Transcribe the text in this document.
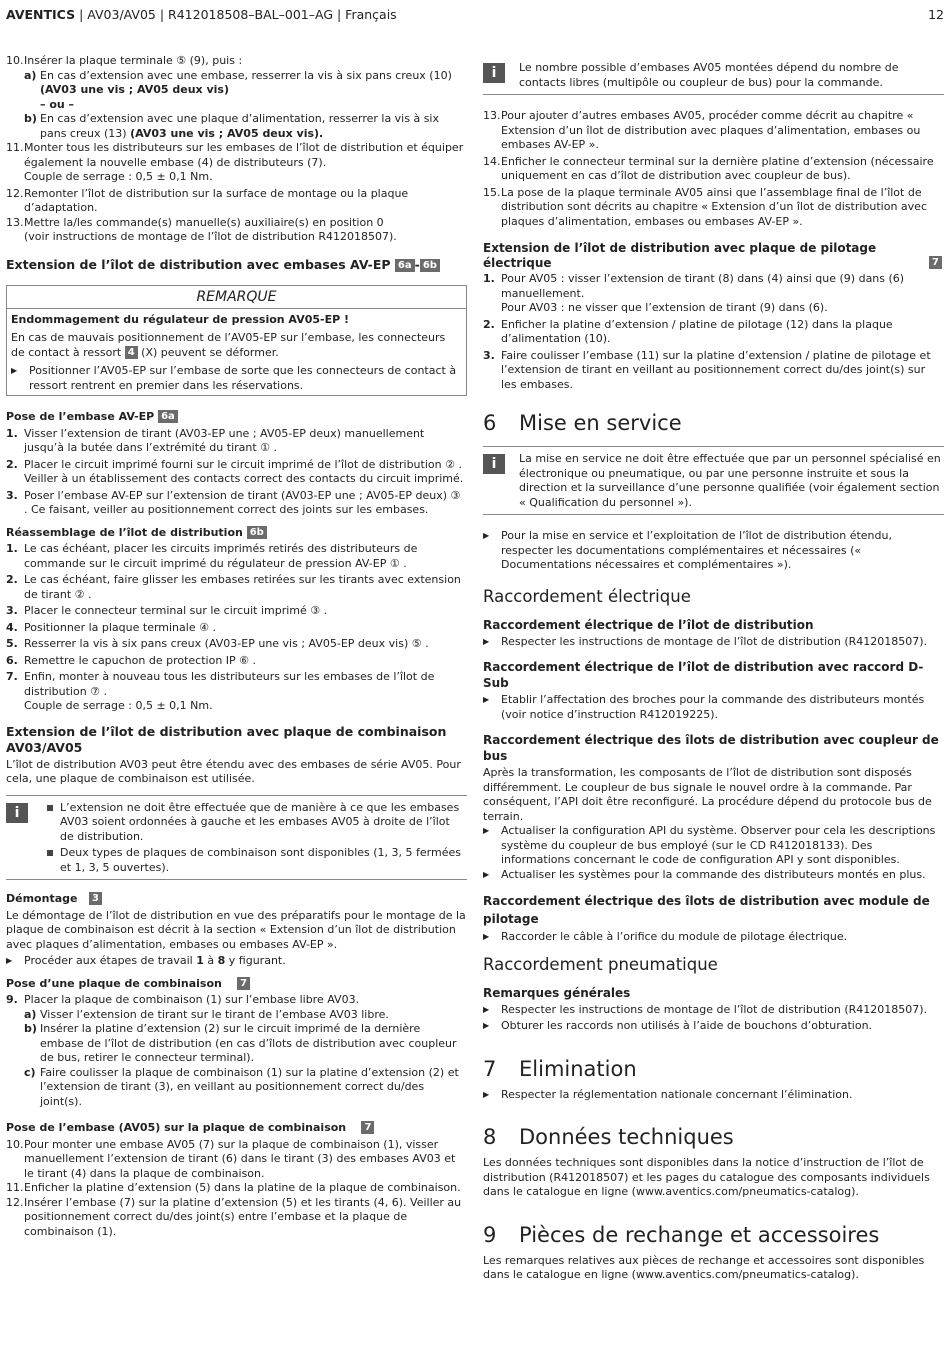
AVENTICS | AV03/AV05 | R412018508–BAL–001–AG | Français	12
10. Insérer la plaque terminale ⑤ (9), puis :
a) En cas d’extension avec une embase, resserrer la vis à six pans creux (10) (AV03 une vis ; AV05 deux vis)
– ou –
b) En cas d’extension avec une plaque d’alimentation, resserrer la vis à six pans creux (13) (AV03 une vis ; AV05 deux vis).
11. Monter tous les distributeurs sur les embases de l’îlot de distribution et équiper également la nouvelle embase (4) de distributeurs (7).
Couple de serrage : 0,5 ± 0,1 Nm.
12. Remonter l’îlot de distribution sur la surface de montage ou la plaque d’adaptation.
13. Mettre la/les commande(s) manuelle(s) auxiliaire(s) en position 0
(voir instructions de montage de l’îlot de distribution R412018507).
Extension de l’îlot de distribution avec embases AV-EP 6a - 6b
REMARQUE
Endommagement du régulateur de pression AV05-EP !

En cas de mauvais positionnement de l’AV05-EP sur l’embase, les connecteurs de contact à ressort 4 (X) peuvent se déformer.

▶	Positionner l’AV05-EP sur l’embase de sorte que les connecteurs de contact à ressort rentrent en premier dans les réservations.
Pose de l’embase AV-EP 6a
1. Visser l’extension de tirant (AV03-EP une ; AV05-EP deux) manuellement jusqu’à la butée dans l’extrémité du tirant ① .
2. Placer le circuit imprimé fourni sur le circuit imprimé de l’îlot de distribution ② . Veiller à un établissement des contacts correct des contacts du circuit imprimé.
3. Poser l’embase AV-EP sur l’extension de tirant (AV03-EP une ; AV05-EP deux) ③ . Ce faisant, veiller au positionnement correct des joints sur les embases.
Réassemblage de l’îlot de distribution 6b
1. Le cas échéant, placer les circuits imprimés retirés des distributeurs de commande sur le circuit imprimé du régulateur de pression AV-EP ① .
2. Le cas échéant, faire glisser les embases retirées sur les tirants avec extension de tirant ② .
3. Placer le connecteur terminal sur le circuit imprimé ③ .
4. Positionner la plaque terminale ④ .
5. Resserrer la vis à six pans creux (AV03-EP une vis ; AV05-EP deux vis) ⑤ .
6. Remettre le capuchon de protection IP ⑥ .
7. Enfin, monter à nouveau tous les distributeurs sur les embases de l’îlot de distribution ⑦ .
Couple de serrage : 0,5 ± 0,1 Nm.
Extension de l’îlot de distribution avec plaque de combinaison AV03/AV05

L’îlot de distribution AV03 peut être étendu avec des embases de série AV05. Pour cela, une plaque de combinaison est utilisée.

i	L’extension ne doit être effectuée que de manière à ce que les embases AV03 soient ordonnées à gauche et les embases AV05 à droite de l’îlot de distribution.
Deux types de plaques de combinaison sont disponibles (1, 3, 5 fermées et 1, 3, 5 ouvertes).
Démontage 3

Le démontage de l’îlot de distribution en vue des préparatifs pour le montage de la plaque de combinaison est décrit à la section « Extension d’un îlot de distribution avec plaques d’alimentation, embases ou embases AV-EP ».

▶	Procéder aux étapes de travail 1 à 8 y figurant.
Pose d’une plaque de combinaison 7
9. Placer la plaque de combinaison (1) sur l’embase libre AV03.
a) Visser l’extension de tirant sur le tirant de l’embase AV03 libre.
b) Insérer la platine d’extension (2) sur le circuit imprimé de la dernière embase de l’îlot de distribution (en cas d’îlots de distribution avec coupleur de bus, retirer le connecteur terminal).
c) Faire coulisser la plaque de combinaison (1) sur la platine d’extension (2) et l’extension de tirant (3), en veillant au positionnement correct du/des joint(s).
Pose de l’embase (AV05) sur la plaque de combinaison 7
10. Pour monter une embase AV05 (7) sur la plaque de combinaison (1), visser manuellement l’extension de tirant (6) dans le tirant (3) des embases AV03 et le tirant (4) dans la plaque de combinaison.
11. Enficher la platine d’extension (5) dans la platine de la plaque de combinaison.
12. Insérer l’embase (7) sur la platine d’extension (5) et les tirants (4, 6). Veiller au positionnement correct du/des joint(s) entre l’embase et la plaque de combinaison (1).
i	Le nombre possible d’embases AV05 montées dépend du nombre de contacts libres (multipôle ou coupleur de bus) pour la commande.
13. Pour ajouter d’autres embases AV05, procéder comme décrit au chapitre « Extension d’un îlot de distribution avec plaques d’alimentation, embases ou embases AV-EP ».
14. Enficher le connecteur terminal sur la dernière platine d’extension (nécessaire uniquement en cas d’îlot de distribution avec coupleur de bus).
15. La pose de la plaque terminale AV05 ainsi que l’assemblage final de l’îlot de distribution sont décrits au chapitre « Extension d’un îlot de distribution avec plaques d’alimentation, embases ou embases AV-EP ».
Extension de l’îlot de distribution avec plaque de pilotage électrique	7
1. Pour AV05 : visser l’extension de tirant (8) dans (4) ainsi que (9) dans (6) manuellement.
Pour AV03 : ne visser que l’extension de tirant (9) dans (6).
2. Enficher la platine d’extension / platine de pilotage (12) dans la plaque d’alimentation (10).
3. Faire coulisser l’embase (11) sur la platine d’extension / platine de pilotage et l’extension de tirant en veillant au positionnement correct du/des joint(s) sur les embases.
6	Mise en service
i	La mise en service ne doit être effectuée que par un personnel spécialisé en électronique ou pneumatique, ou par une personne instruite et sous la direction et la surveillance d’une personne qualifiée (voir également section « Qualification du personnel »).
▶	Pour la mise en service et l’exploitation de l’îlot de distribution étendu, respecter les documentations complémentaires et nécessaires (« Documentations nécessaires et complémentaires »).
Raccordement électrique
Raccordement électrique de l’îlot de distribution
▶	Respecter les instructions de montage de l’îlot de distribution (R412018507).
Raccordement électrique de l’îlot de distribution avec raccord D-Sub
▶	Etablir l’affectation des broches pour la commande des distributeurs montés (voir notice d’instruction R412019225).
Raccordement électrique des îlots de distribution avec coupleur de bus

Après la transformation, les composants de l’îlot de distribution sont disposés différemment. Le coupleur de bus signale le nouvel ordre à la commande. Par conséquent, l’API doit être reconfiguré. La procédure dépend du protocole bus de terrain.

▶	Actualiser la configuration API du système. Observer pour cela les descriptions système du coupleur de bus employé (sur le CD R412018133). Des informations concernant le code de configuration API y sont disponibles.
▶	Actualiser les systèmes pour la commande des distributeurs montés en plus.
Raccordement électrique des îlots de distribution avec module de pilotage
▶	Raccorder le câble à l’orifice du module de pilotage électrique.
Raccordement pneumatique
Remarques générales
▶	Respecter les instructions de montage de l’îlot de distribution (R412018507).
▶	Obturer les raccords non utilisés à l’aide de bouchons d’obturation.
7	Elimination
▶	Respecter la réglementation nationale concernant l’élimination.
8	Données techniques

Les données techniques sont disponibles dans la notice d’instruction de l’îlot de distribution (R412018507) et les pages du catalogue des composants individuels dans le catalogue en ligne (www.aventics.com/pneumatics-catalog).

9	Pièces de rechange et accessoires

Les remarques relatives aux pièces de rechange et accessoires sont disponibles dans le catalogue en ligne (www.aventics.com/pneumatics-catalog).
